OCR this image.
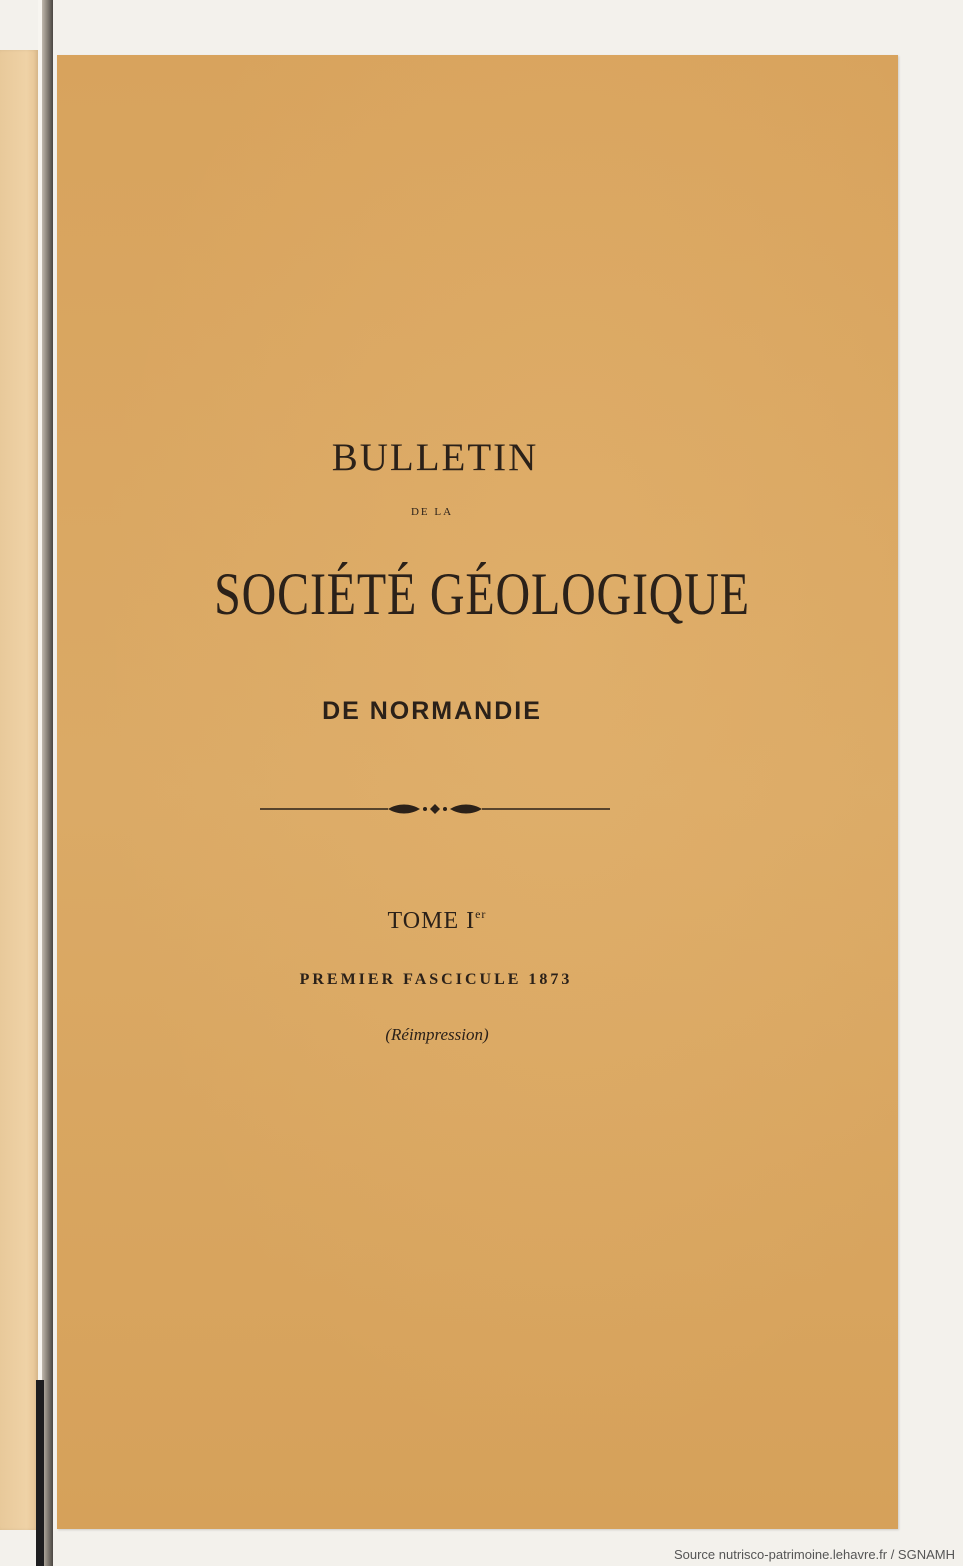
BULLETIN
DE LA
SOCIÉTÉ GÉOLOGIQUE
DE NORMANDIE
TOME Ier
PREMIER FASCICULE 1873
(Réimpression)
Source nutrisco-patrimoine.lehavre.fr / SGNAMH
